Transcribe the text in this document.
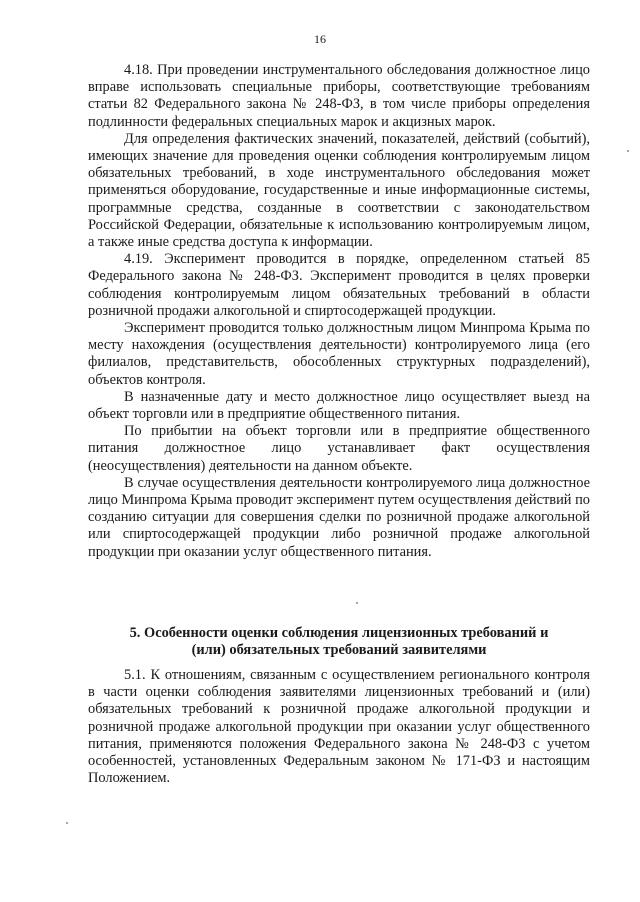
16

4.18. При проведении инструментального обследования должностное лицо вправе использовать специальные приборы, соответствующие требованиям статьи 82 Федерального закона № 248-ФЗ, в том числе приборы определения подлинности федеральных специальных марок и акцизных марок.

Для определения фактических значений, показателей, действий (событий), имеющих значение для проведения оценки соблюдения контролируемым лицом обязательных требований, в ходе инструментального обследования может применяться оборудование, государственные и иные информационные системы, программные средства, созданные в соответствии с законодательством Российской Федерации, обязательные к использованию контролируемым лицом, а также иные средства доступа к информации.

4.19. Эксперимент проводится в порядке, определенном статьей 85 Федерального закона № 248-ФЗ. Эксперимент проводится в целях проверки соблюдения контролируемым лицом обязательных требований в области розничной продажи алкогольной и спиртосодержащей продукции.

Эксперимент проводится только должностным лицом Минпрома Крыма по месту нахождения (осуществления деятельности) контролируемого лица (его филиалов, представительств, обособленных структурных подразделений), объектов контроля.

В назначенные дату и место должностное лицо осуществляет выезд на объект торговли или в предприятие общественного питания.

По прибытии на объект торговли или в предприятие общественного питания должностное лицо устанавливает факт осуществления (неосуществления) деятельности на данном объекте.

В случае осуществления деятельности контролируемого лица должностное лицо Минпрома Крыма проводит эксперимент путем осуществления действий по созданию ситуации для совершения сделки по розничной продаже алкогольной или спиртосодержащей продукции либо розничной продаже алкогольной продукции при оказании услуг общественного питания.

5. Особенности оценки соблюдения лицензионных требований и
(или) обязательных требований заявителями

5.1. К отношениям, связанным с осуществлением регионального контроля в части оценки соблюдения заявителями лицензионных требований и (или) обязательных требований к розничной продаже алкогольной продукции и розничной продаже алкогольной продукции при оказании услуг общественного питания, применяются положения Федерального закона № 248-ФЗ с учетом особенностей, установленных Федеральным законом № 171-ФЗ и настоящим Положением.
